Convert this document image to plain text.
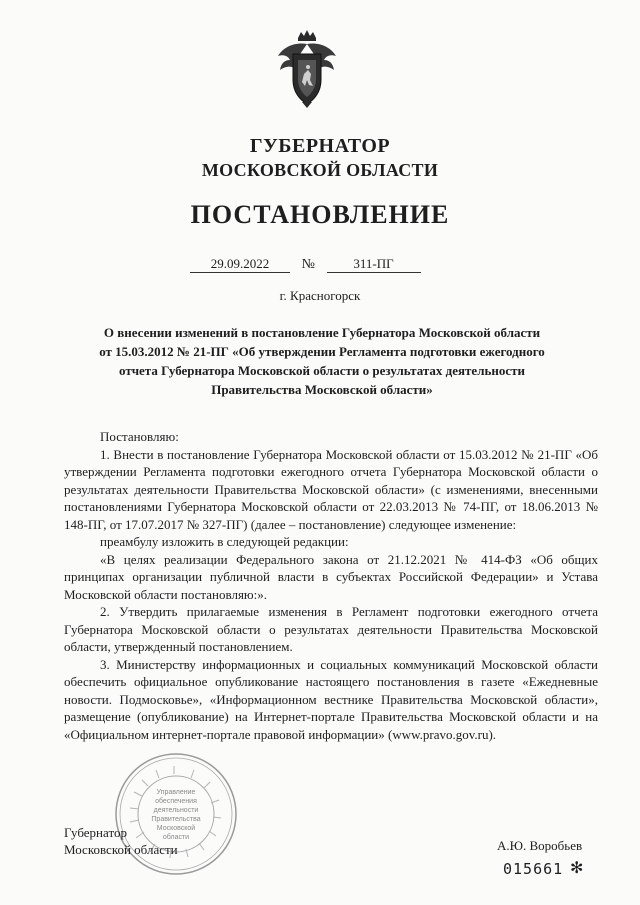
ГУБЕРНАТОР
МОСКОВСКОЙ ОБЛАСТИ
ПОСТАНОВЛЕНИЕ
29.09.2022 №	311-ПГ
г. Красногорск
О внесении изменений в постановление Губернатора Московской области
от 15.03.2012 № 21-ПГ «Об утверждении Регламента подготовки ежегодного
отчета Губернатора Московской области о результатах деятельности
Правительства Московской области»

Постановляю:

1. Внести в постановление Губернатора Московской области от 15.03.2012 № 21-ПГ «Об утверждении Регламента подготовки ежегодного отчета Губернатора Московской области о результатах деятельности Правительства Московской области» (с изменениями, внесенными постановлениями Губернатора Московской области от 22.03.2013 № 74-ПГ, от 18.06.2013 № 148-ПГ, от 17.07.2017 № 327-ПГ) (далее – постановление) следующее изменение:

преамбулу изложить в следующей редакции:

«В целях реализации Федерального закона от 21.12.2021 № 414-ФЗ «Об общих принципах организации публичной власти в субъектах Российской Федерации» и Устава Московской области постановляю:».

2. Утвердить прилагаемые изменения в Регламент подготовки ежегодного отчета Губернатора Московской области о результатах деятельности Правительства Московской области, утвержденный постановлением.

3. Министерству информационных и социальных коммуникаций Московской области обеспечить официальное опубликование настоящего постановления в газете «Ежедневные новости. Подмосковье», «Информационном вестнике Правительства Московской области», размещение (опубликование) на Интернет-портале Правительства Московской области и на «Официальном интернет-портале правовой информации» (www.pravo.gov.ru).

Управление
обеспечения
деятельности
Правительства
Московской
области
Губернатор
Московской области	А.Ю. Воробьев
015661 ✻
